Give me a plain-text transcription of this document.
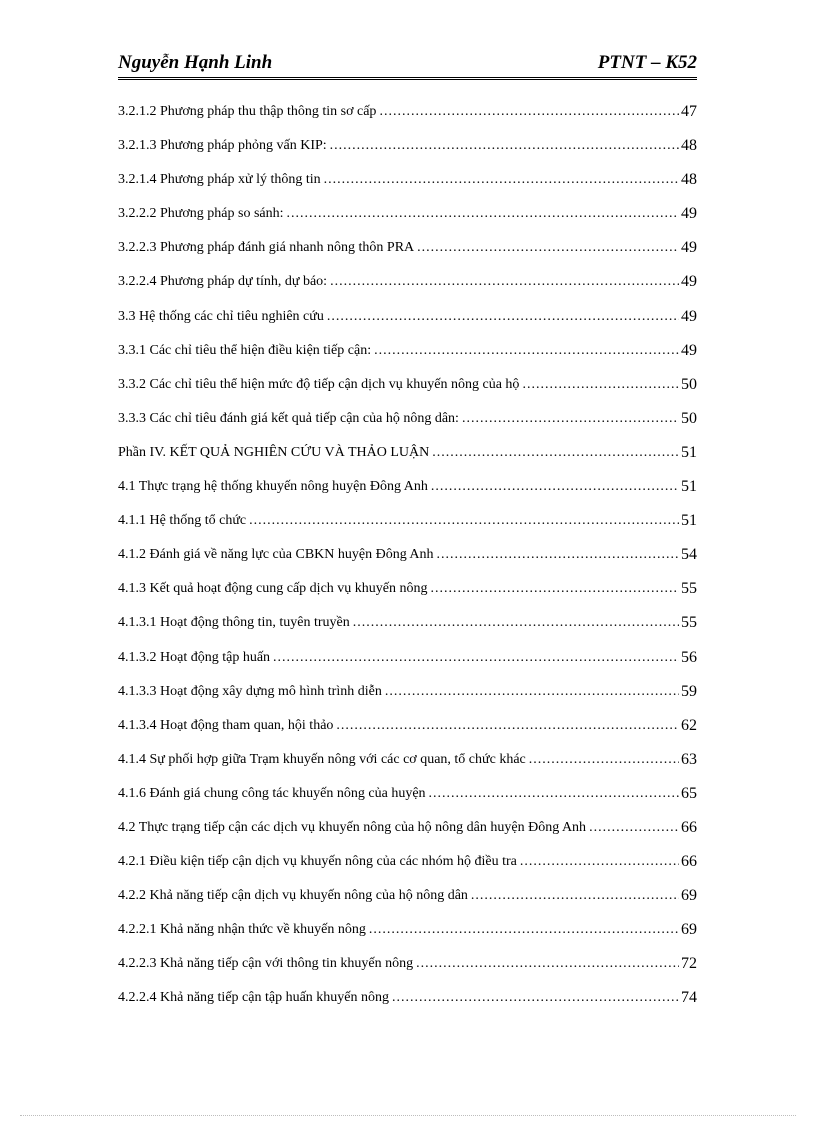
Nguyễn Hạnh Linh	PTNT – K52
3.2.1.2 Phương pháp thu thập thông tin sơ cấp .....	47
3.2.1.3 Phương pháp phỏng vấn KIP: .....	48
3.2.1.4 Phương pháp xử lý thông tin .....	48
3.2.2.2 Phương pháp so sánh: .....	49
3.2.2.3 Phương pháp đánh giá nhanh nông thôn PRA .....	49
3.2.2.4 Phương pháp dự tính, dự báo: .....	49
3.3 Hệ thống các chỉ tiêu nghiên cứu .....	49
3.3.1 Các chỉ tiêu thể hiện điều kiện tiếp cận: .....	49
3.3.2 Các chỉ tiêu thể hiện mức độ tiếp cận dịch vụ khuyến nông của hộ .....	50
3.3.3 Các chỉ tiêu đánh giá kết quả tiếp cận của hộ nông dân: .....	50
Phần IV. KẾT QUẢ NGHIÊN CỨU VÀ THẢO LUẬN .....	51
4.1 Thực trạng hệ thống khuyến nông huyện Đông Anh .....	51
4.1.1 Hệ thống tổ chức .....	51
4.1.2 Đánh giá về năng lực của CBKN huyện Đông Anh .....	54
4.1.3 Kết quả hoạt động cung cấp dịch vụ khuyến nông .....	55
4.1.3.1 Hoạt động thông tin, tuyên truyền .....	55
4.1.3.2 Hoạt động tập huấn .....	56
4.1.3.3 Hoạt động xây dựng mô hình trình diễn .....	59
4.1.3.4 Hoạt động tham quan, hội thảo .....	62
4.1.4 Sự phối hợp giữa Trạm khuyến nông với các cơ quan, tổ chức khác .....	63
4.1.6 Đánh giá chung công tác khuyến nông của huyện .....	65
4.2 Thực trạng tiếp cận các dịch vụ khuyến nông của hộ nông dân huyện Đông Anh .....	66
4.2.1 Điều kiện tiếp cận dịch vụ khuyến nông của các nhóm hộ điều tra .....	66
4.2.2 Khả năng tiếp cận dịch vụ khuyến nông của hộ nông dân .....	69
4.2.2.1 Khả năng nhận thức về khuyến nông .....	69
4.2.2.3 Khả năng tiếp cận với thông tin khuyến nông .....	72
4.2.2.4 Khả năng tiếp cận tập huấn khuyến nông .....	74
